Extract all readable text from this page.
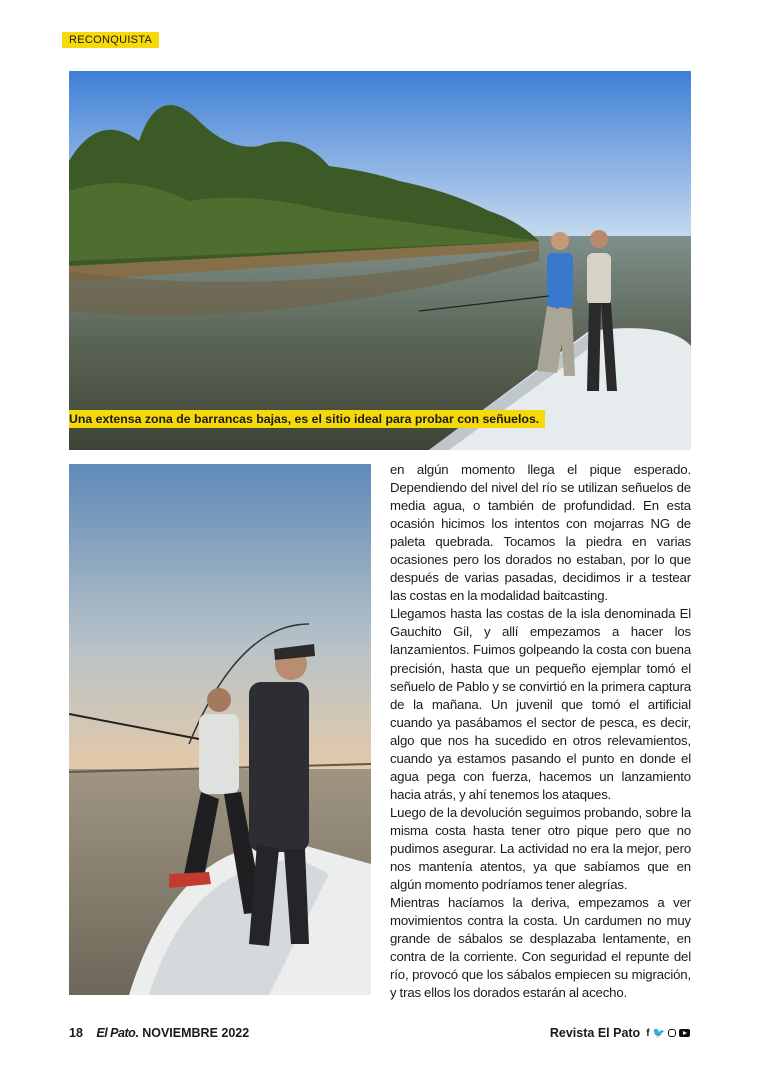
RECONQUISTA
Una extensa zona de barrancas bajas, es el sitio ideal para probar con señuelos.

en algún momento llega el pique esperado. Dependiendo del nivel del río se utilizan señuelos de media agua, o también de profundidad. En esta ocasión hicimos los intentos con mojarras NG de paleta quebrada. Tocamos la piedra en varias ocasiones pero los dorados no estaban, por lo que después de varias pasadas, decidimos ir a testear las costas en la modalidad baitcasting.

Llegamos hasta las costas de la isla denominada El Gauchito Gil, y allí empezamos a hacer los lanzamientos. Fuimos golpeando la costa con buena precisión, hasta que un pequeño ejemplar tomó el señuelo de Pablo y se convirtió en la primera captura de la mañana. Un juvenil que tomó el artificial cuando ya pasábamos el sector de pesca, es decir, algo que nos ha sucedido en otros relevamientos, cuando ya estamos pasando el punto en donde el agua pega con fuerza, hacemos un lanzamiento hacia atrás, y ahí tenemos los ataques.

Luego de la devolución seguimos probando, sobre la misma costa hasta tener otro pique pero que no pudimos asegurar. La actividad no era la mejor, pero nos mantenía atentos, ya que sabíamos que en algún momento podríamos tener alegrías.

Mientras hacíamos la deriva, empezamos a ver movimientos contra la costa. Un cardumen no muy grande de sábalos se desplazaba lentamente, en contra de la corriente. Con seguridad el repunte del río, provocó que los sábalos empiecen su migración, y tras ellos los dorados estarán al acecho.

18 El Pato. NOVIEMBRE 2022	Revista El Pato f 🐦
